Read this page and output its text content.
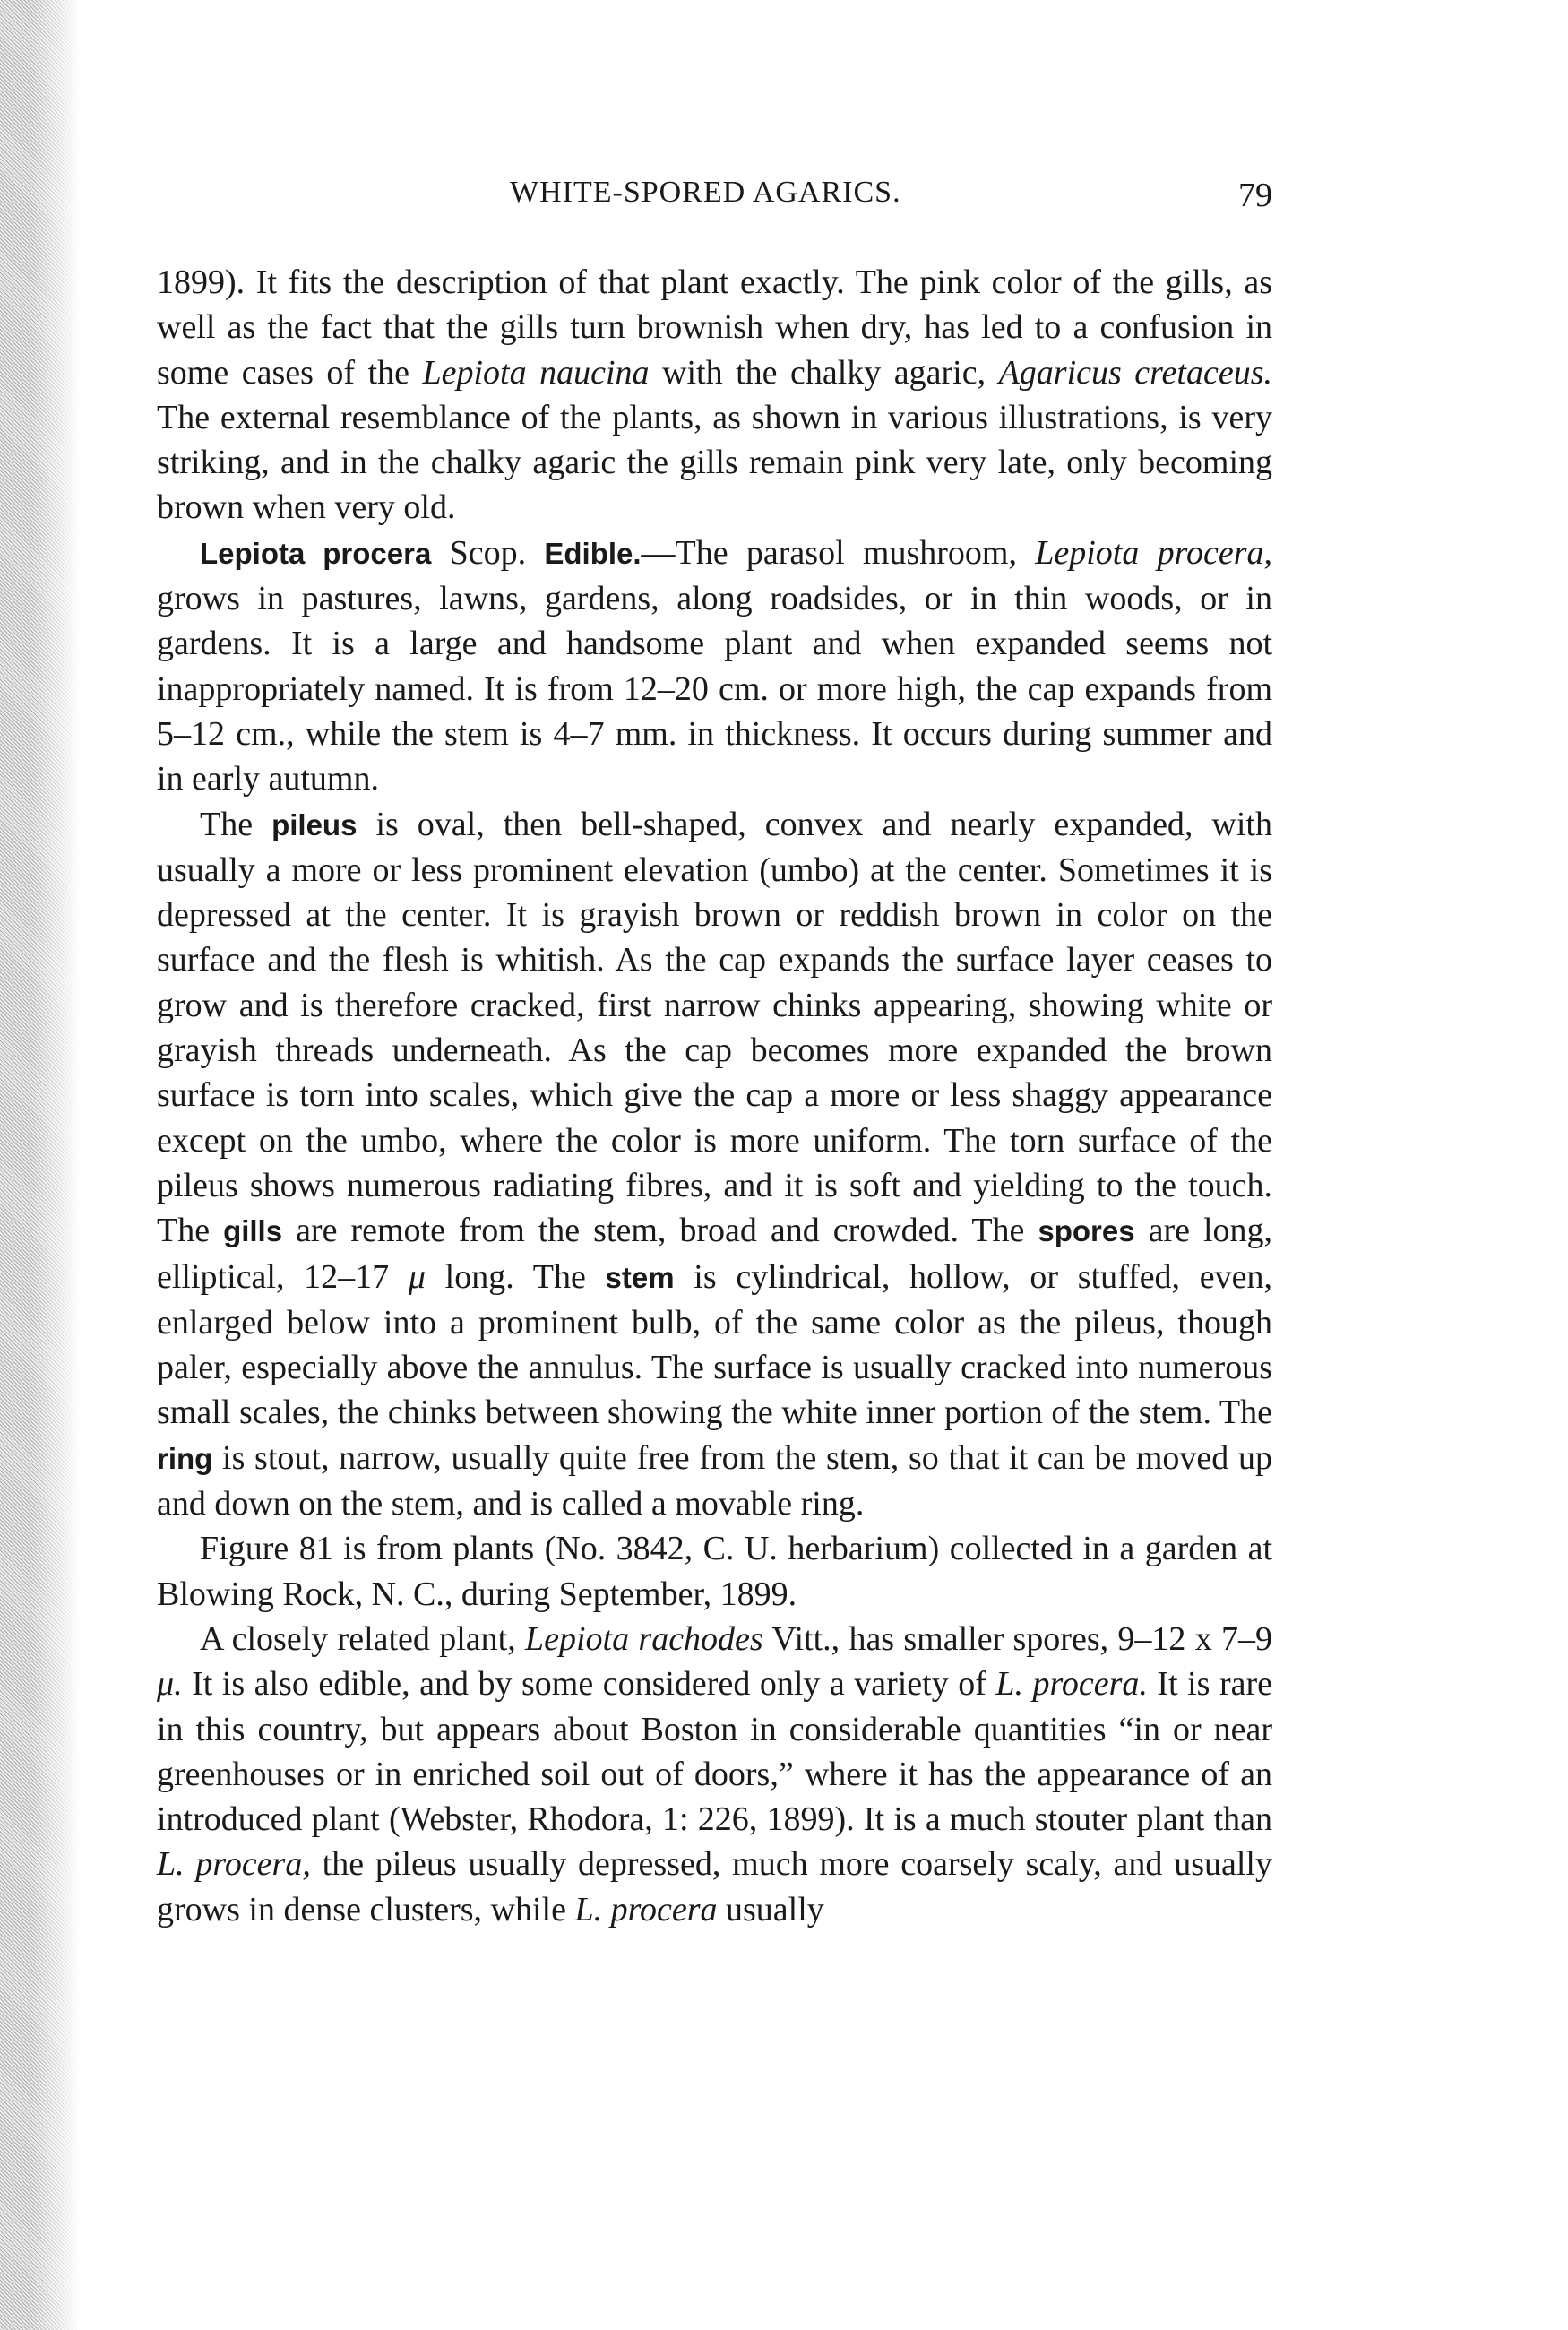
WHITE-SPORED AGARICS.	79

1899). It fits the description of that plant exactly. The pink color of the gills, as well as the fact that the gills turn brownish when dry, has led to a confusion in some cases of the Lepiota naucina with the chalky agaric, Agaricus cretaceus. The external resemblance of the plants, as shown in various illustrations, is very striking, and in the chalky agaric the gills remain pink very late, only becoming brown when very old.

Lepiota procera Scop. Edible.—The parasol mushroom, Lepiota procera, grows in pastures, lawns, gardens, along roadsides, or in thin woods, or in gardens. It is a large and handsome plant and when expanded seems not inappropriately named. It is from 12–20 cm. or more high, the cap expands from 5–12 cm., while the stem is 4–7 mm. in thickness. It occurs during summer and in early autumn.

The pileus is oval, then bell-shaped, convex and nearly expanded, with usually a more or less prominent elevation (umbo) at the center. Sometimes it is depressed at the center. It is grayish brown or reddish brown in color on the surface and the flesh is whitish. As the cap expands the surface layer ceases to grow and is therefore cracked, first narrow chinks appearing, showing white or grayish threads underneath. As the cap becomes more expanded the brown surface is torn into scales, which give the cap a more or less shaggy appearance except on the umbo, where the color is more uniform. The torn surface of the pileus shows numerous radiating fibres, and it is soft and yielding to the touch. The gills are remote from the stem, broad and crowded. The spores are long, elliptical, 12–17 μ long. The stem is cylindrical, hollow, or stuffed, even, enlarged below into a prominent bulb, of the same color as the pileus, though paler, especially above the annulus. The surface is usually cracked into numerous small scales, the chinks between showing the white inner portion of the stem. The ring is stout, narrow, usually quite free from the stem, so that it can be moved up and down on the stem, and is called a movable ring.

Figure 81 is from plants (No. 3842, C. U. herbarium) collected in a garden at Blowing Rock, N. C., during September, 1899.

A closely related plant, Lepiota rachodes Vitt., has smaller spores, 9–12 x 7–9 μ. It is also edible, and by some considered only a variety of L. procera. It is rare in this country, but appears about Boston in considerable quantities “in or near greenhouses or in enriched soil out of doors,” where it has the appearance of an introduced plant (Webster, Rhodora, 1: 226, 1899). It is a much stouter plant than L. procera, the pileus usually depressed, much more coarsely scaly, and usually grows in dense clusters, while L. procera usually
